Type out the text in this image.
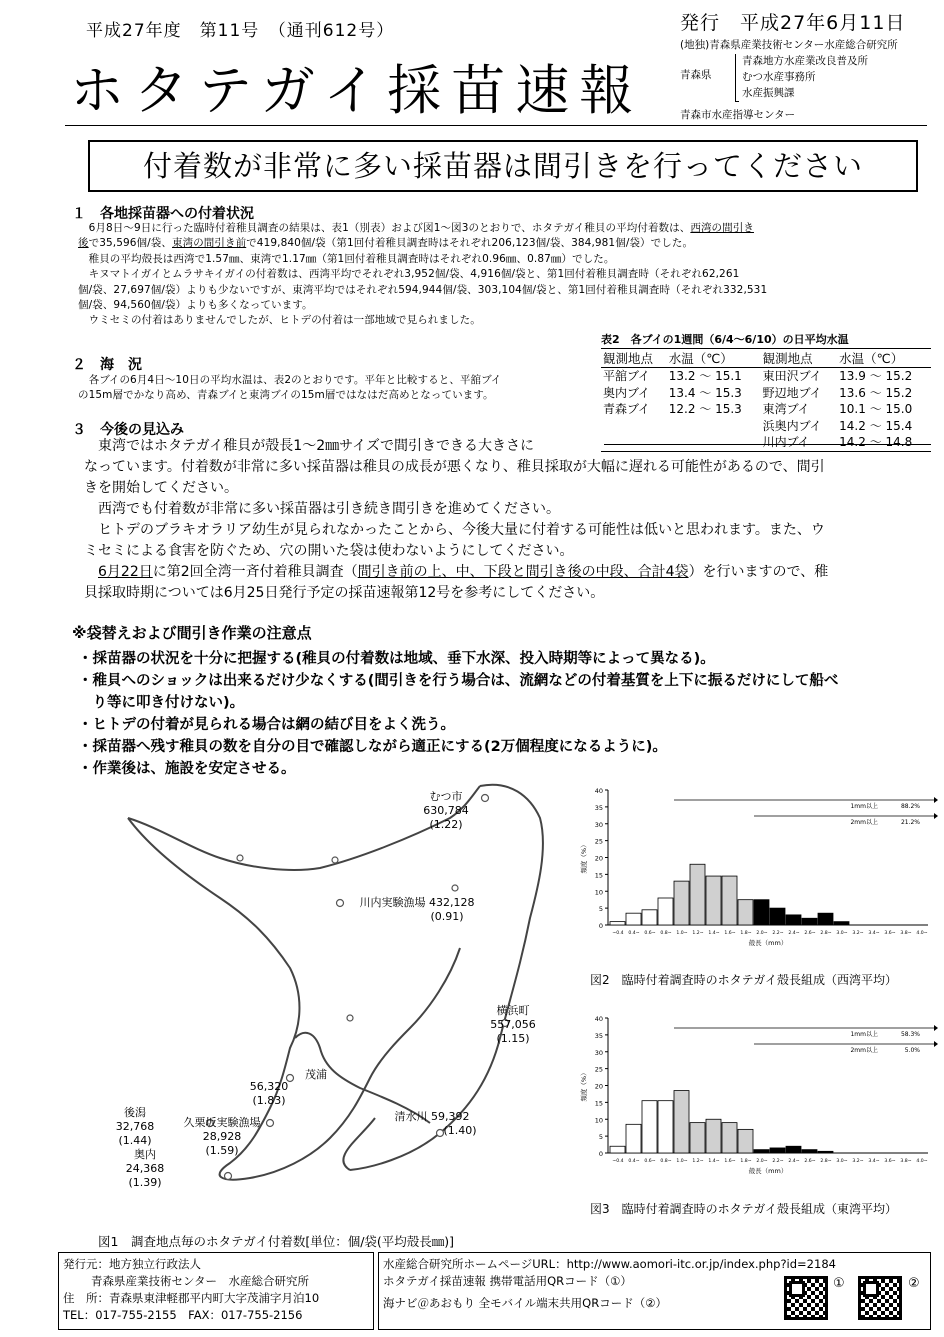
平成27年度　第11号　（通刊612号）	発行　平成27年6月11日
ホタテガイ採苗速報
(地独)青森県産業技術センター水産総合研究所
青森県
青森地方水産業改良普及所
むつ水産事務所
水産振興課
青森市水産指導センター
付着数が非常に多い採苗器は間引きを行ってください
１　各地採苗器への付着状況
　6月8日～9日に行った臨時付着稚貝調査の結果は、表1（別表）および図1～図3のとおりで、ホタテガイ稚貝の平均付着数は、西湾の間引き
後で35,596個/袋、東湾の間引き前で419,840個/袋（第1回付着稚貝調査時はそれぞれ206,123個/袋、384,981個/袋）でした。
　稚貝の平均殻長は西湾で1.57㎜、東湾で1.17㎜（第1回付着稚貝調査時はそれぞれ0.96㎜、0.87㎜）でした。
　キヌマトイガイとムラサキイガイの付着数は、西湾平均でそれぞれ3,952個/袋、4,916個/袋と、第1回付着稚貝調査時（それぞれ62,261
個/袋、27,697個/袋）よりも少ないですが、東湾平均ではそれぞれ594,944個/袋、303,104個/袋と、第1回付着稚貝調査時（それぞれ332,531
個/袋、94,560個/袋）よりも多くなっています。
　ウミセミの付着はありませんでしたが、ヒトデの付着は一部地域で見られました。
２　海　況
　各ブイの6月4日～10日の平均水温は、表2のとおりです。平年と比較すると、平舘ブイ
の15m層でかなり高め、青森ブイと東湾ブイの15m層ではなはだ高めとなっています。
表2　各ブイの1週間（6/4～6/10）の日平均水温
観測地点	水温（℃）	観測地点	水温（℃）
平舘ブイ	13.2 ～ 15.1	東田沢ブイ	13.9 ～ 15.2
奥内ブイ	13.4 ～ 15.3	野辺地ブイ	13.6 ～ 15.2
青森ブイ	12.2 ～ 15.3	東湾ブイ	10.1 ～ 15.0
		浜奥内ブイ	14.2 ～ 15.4
		川内ブイ	14.2 ～ 14.8
３　今後の見込み
　東湾ではホタテガイ稚貝が殻長1～2㎜サイズで間引きできる大きさに
なっています。付着数が非常に多い採苗器は稚貝の成長が悪くなり、稚貝採取が大幅に遅れる可能性があるので、間引
きを開始してください。
　西湾でも付着数が非常に多い採苗器は引き続き間引きを進めてください。
　ヒトデのブラキオラリア幼生が見られなかったことから、今後大量に付着する可能性は低いと思われます。また、ウ
ミセミによる食害を防ぐため、穴の開いた袋は使わないようにしてください。
　6月22日に第2回全湾一斉付着稚貝調査（間引き前の上、中、下段と間引き後の中段、合計4袋）を行いますので、稚
貝採取時期については6月25日発行予定の採苗速報第12号を参考にしてください。
※袋替えおよび間引き作業の注意点
・採苗器の状況を十分に把握する(稚貝の付着数は地域、垂下水深、投入時期等によって異なる)。
・稚貝へのショックは出来るだけ少なくする(間引きを行う場合は、流網などの付着基質を上下に振るだけにして船べ
　り等に叩き付けない)。
・ヒトデの付着が見られる場合は網の結び目をよく洗う。
・採苗器へ残す稚貝の数を自分の目で確認しながら適正にする(2万個程度になるように)。
・作業後は、施設を安定させる。
むつ市
630,784
(1.22)
川内実験漁場 432,128
(0.91)
横浜町
557,056
(1.15)
茂浦
56,320
(1.83)
後潟
32,768
(1.44)
久栗坂実験漁場
28,928
(1.59)
奥内
24,368
(1.39)
清水川 59,392
(1.40)
図1　調査地点毎のホタテガイ付着数[単位：個/袋(平均殻長㎜)]
0
5
10
15
20
25
30
35
40
~0.4 0.4~ 0.6~ 0.8~ 1.0~ 1.2~ 1.4~ 1.6~ 1.8~ 2.0~ 2.2~ 2.4~ 2.6~ 2.8~ 3.0~ 3.2~ 3.4~ 3.6~ 3.8~ 4.0~
頻度（%）
殻長（mm）
1mm以上	88.2%
2mm以上	21.2%
図2　臨時付着調査時のホタテガイ殻長組成（西湾平均）
0
5
10
15
20
25
30
35
40
~0.4 0.4~ 0.6~ 0.8~ 1.0~ 1.2~ 1.4~ 1.6~ 1.8~ 2.0~ 2.2~ 2.4~ 2.6~ 2.8~ 3.0~ 3.2~ 3.4~ 3.6~ 3.8~ 4.0~
頻度（%）
殻長（mm）
1mm以上	58.3%
2mm以上	5.0%
図3　臨時付着調査時のホタテガイ殻長組成（東湾平均）
発行元：地方独立行政法人
青森県産業技術センター　水産総合研究所
住　所：青森県東津軽郡平内町大字茂浦字月泊10
TEL：017-755-2155　FAX：017-755-2156
水産総合研究所ホームページURL：http://www.aomori-itc.or.jp/index.php?id=2184
ホタテガイ採苗速報 携帯電話用QRコード（①）
海ナビ＠あおもり 全モバイル端末共用QRコード（②）
①	②
